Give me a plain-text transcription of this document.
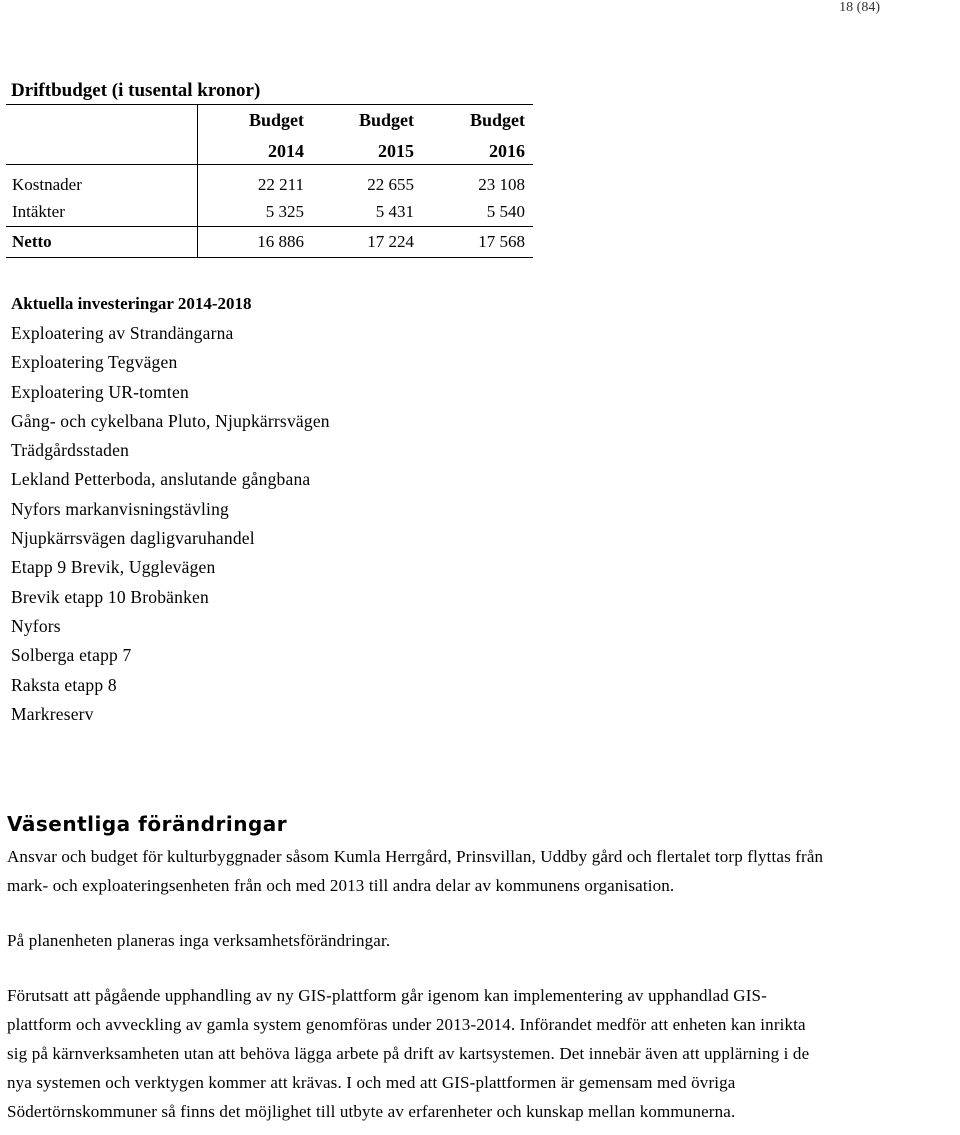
18 (84)
Driftbudget (i tusental kronor)
Budget	Budget	Budget
2014	2015	2016
Kostnader	22 211	22 655	23 108
Intäkter	5 325	5 431	5 540
Netto	16 886	17 224	17 568
Aktuella investeringar 2014-2018
Exploatering av Strandängarna
Exploatering Tegvägen
Exploatering UR-tomten
Gång- och cykelbana Pluto, Njupkärrsvägen
Trädgårdsstaden
Lekland Petterboda, anslutande gångbana
Nyfors markanvisningstävling
Njupkärrsvägen dagligvaruhandel
Etapp 9 Brevik, Ugglevägen
Brevik etapp 10 Brobänken
Nyfors
Solberga etapp 7
Raksta etapp 8
Markreserv
Väsentliga förändringar

Ansvar och budget för kulturbyggnader såsom Kumla Herrgård, Prinsvillan, Uddby gård och flertalet torp flyttas från
mark- och exploateringsenheten från och med 2013 till andra delar av kommunens organisation.

På planenheten planeras inga verksamhetsförändringar.

Förutsatt att pågående upphandling av ny GIS-plattform går igenom kan implementering av upphandlad GIS-
plattform och avveckling av gamla system genomföras under 2013-2014. Införandet medför att enheten kan inrikta
sig på kärnverksamheten utan att behöva lägga arbete på drift av kartsystemen. Det innebär även att upplärning i de
nya systemen och verktygen kommer att krävas. I och med att GIS-plattformen är gemensam med övriga
Södertörnskommuner så finns det möjlighet till utbyte av erfarenheter och kunskap mellan kommunerna.
